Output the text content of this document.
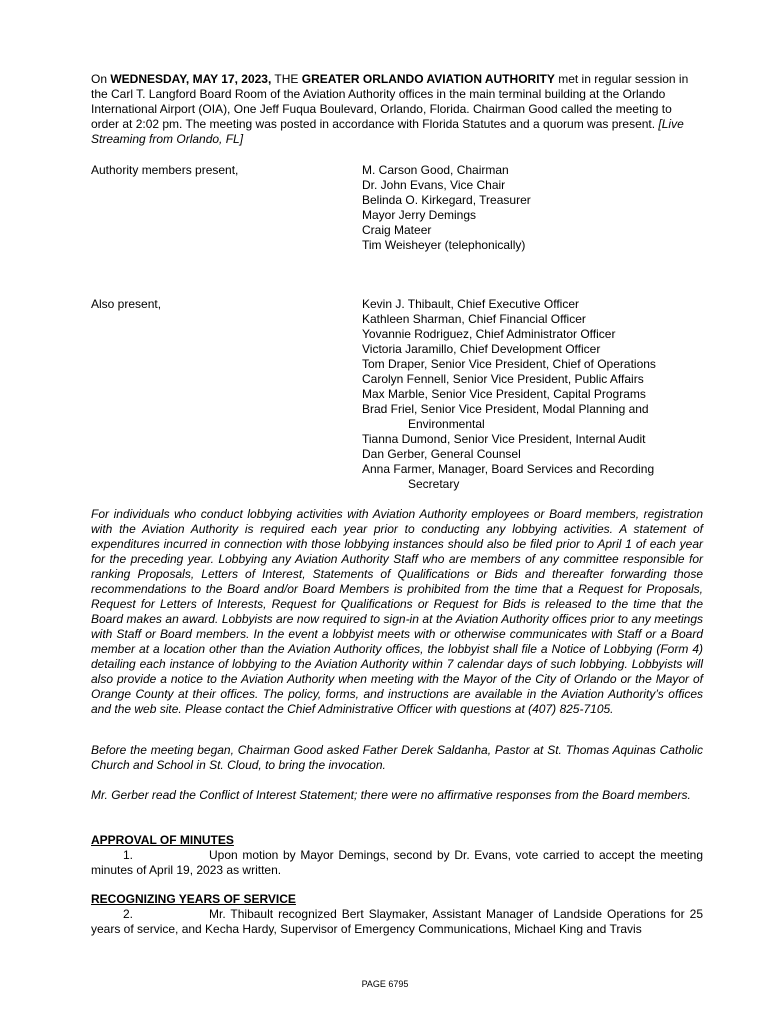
On WEDNESDAY, MAY 17, 2023, THE GREATER ORLANDO AVIATION AUTHORITY met in regular session in the Carl T. Langford Board Room of the Aviation Authority offices in the main terminal building at the Orlando International Airport (OIA), One Jeff Fuqua Boulevard, Orlando, Florida. Chairman Good called the meeting to order at 2:02 pm. The meeting was posted in accordance with Florida Statutes and a quorum was present. [Live Streaming from Orlando, FL]
Authority members present,	M. Carson Good, Chairman
Dr. John Evans, Vice Chair
Belinda O. Kirkegard, Treasurer
Mayor Jerry Demings
Craig Mateer
Tim Weisheyer (telephonically)
Also present,	Kevin J. Thibault, Chief Executive Officer
Kathleen Sharman, Chief Financial Officer
Yovannie Rodriguez, Chief Administrator Officer
Victoria Jaramillo, Chief Development Officer
Tom Draper, Senior Vice President, Chief of Operations
Carolyn Fennell, Senior Vice President, Public Affairs
Max Marble, Senior Vice President, Capital Programs
Brad Friel, Senior Vice President, Modal Planning and
Environmental
Tianna Dumond, Senior Vice President, Internal Audit
Dan Gerber, General Counsel
Anna Farmer, Manager, Board Services and Recording
Secretary
For individuals who conduct lobbying activities with Aviation Authority employees or Board members, registration with the Aviation Authority is required each year prior to conducting any lobbying activities. A statement of expenditures incurred in connection with those lobbying instances should also be filed prior to April 1 of each year for the preceding year. Lobbying any Aviation Authority Staff who are members of any committee responsible for ranking Proposals, Letters of Interest, Statements of Qualifications or Bids and thereafter forwarding those recommendations to the Board and/or Board Members is prohibited from the time that a Request for Proposals, Request for Letters of Interests, Request for Qualifications or Request for Bids is released to the time that the Board makes an award. Lobbyists are now required to sign-in at the Aviation Authority offices prior to any meetings with Staff or Board members. In the event a lobbyist meets with or otherwise communicates with Staff or a Board member at a location other than the Aviation Authority offices, the lobbyist shall file a Notice of Lobbying (Form 4) detailing each instance of lobbying to the Aviation Authority within 7 calendar days of such lobbying. Lobbyists will also provide a notice to the Aviation Authority when meeting with the Mayor of the City of Orlando or the Mayor of Orange County at their offices. The policy, forms, and instructions are available in the Aviation Authority’s offices and the web site. Please contact the Chief Administrative Officer with questions at (407) 825-7105.
Before the meeting began, Chairman Good asked Father Derek Saldanha, Pastor at St. Thomas Aquinas Catholic Church and School in St. Cloud, to bring the invocation.
Mr. Gerber read the Conflict of Interest Statement; there were no affirmative responses from the Board members.
APPROVAL OF MINUTES
1.	Upon motion by Mayor Demings, second by Dr. Evans, vote carried to accept the meeting minutes of April 19, 2023 as written.
RECOGNIZING YEARS OF SERVICE
2.	Mr. Thibault recognized Bert Slaymaker, Assistant Manager of Landside Operations for 25 years of service, and Kecha Hardy, Supervisor of Emergency Communications, Michael King and Travis
PAGE 6795
